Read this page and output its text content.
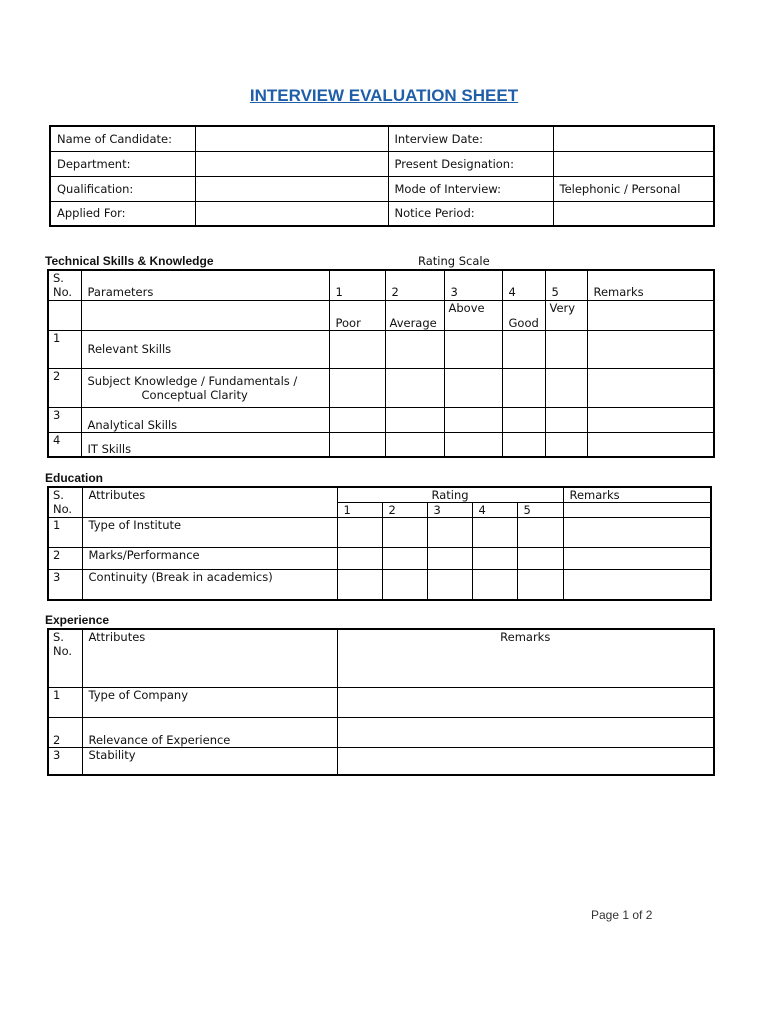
INTERVIEW EVALUATION SHEET
Name of Candidate:		Interview Date:	
Department:		Present Designation:	
Qualification:		Mode of Interview:	Telephonic / Personal
Applied For:		Notice Period:	
Technical Skills & Knowledge	Rating Scale
S. No.	Parameters	1	2	3	4	5	Remarks
		Poor	Average	Above	Good	Very	
1	Relevant Skills						
2	Subject Knowledge / Fundamentals /
Conceptual Clarity						

3	Analytical Skills						
4	IT Skills						
Education
S. No.	Attributes	Rating					Remarks
		1	2	3	4	5	
1	Type of Institute						
2	Marks/Performance						
3	Continuity (Break in academics)						
Experience
S. No.	Attributes	Remarks
1	Type of Company	
2	Relevance of Experience	
3	Stability	
Page 1 of 2
